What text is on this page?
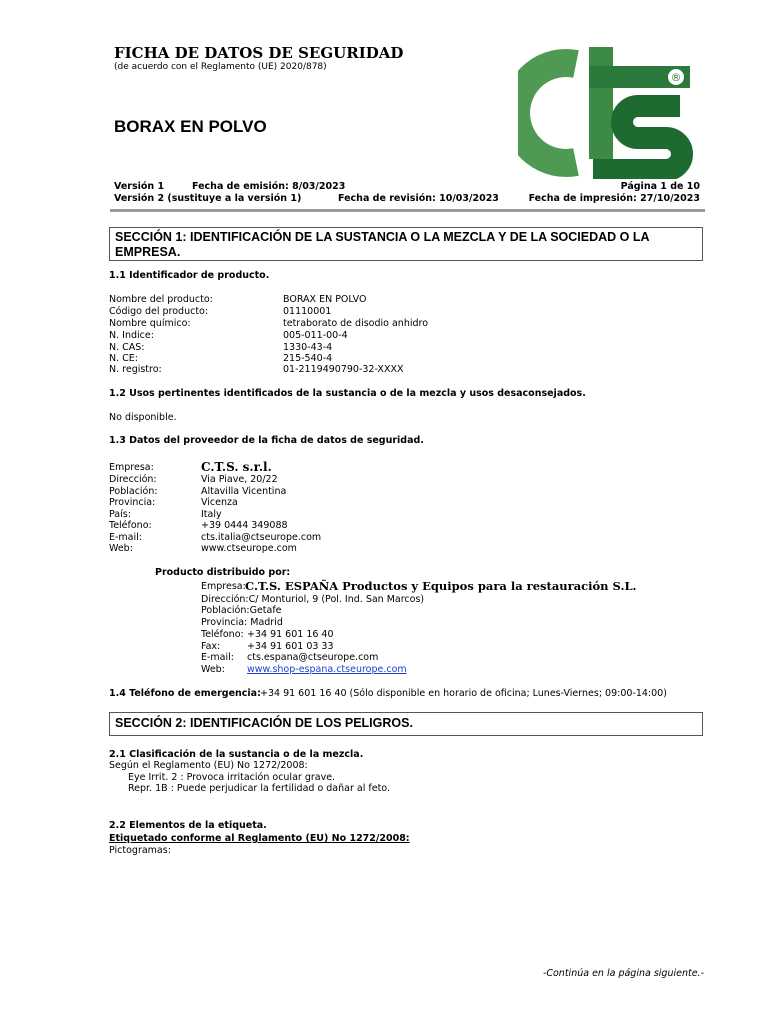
FICHA DE DATOS DE SEGURIDAD
(de acuerdo con el Reglamento (UE) 2020/878)
BORAX EN POLVO
®
Versión 1	Fecha de emisión: 8/03/2023	Página 1 de 10
Versión 2 (sustituye a la versión 1)	Fecha de revisión: 10/03/2023	Fecha de impresión: 27/10/2023
SECCIÓN 1: IDENTIFICACIÓN DE LA SUSTANCIA O LA MEZCLA Y DE LA SOCIEDAD O LA EMPRESA.
1.1 Identificador de producto.
Nombre del producto:	BORAX EN POLVO
Código del producto:	01110001
Nombre químico:	tetraborato de disodio anhidro
N. Indice:	005-011-00-4
N. CAS:	1330-43-4
N. CE:	215-540-4
N. registro:	01-2119490790-32-XXXX
1.2 Usos pertinentes identificados de la sustancia o de la mezcla y usos desaconsejados.
No disponible.
1.3 Datos del proveedor de la ficha de datos de seguridad.
Empresa:	C.T.S. s.r.l.
Dirección:	Via Piave, 20/22
Población:	Altavilla Vicentina
Provincia:	Vicenza
País:	Italy
Teléfono:	+39 0444 349088
E-mail:	cts.italia@ctseurope.com
Web:	www.ctseurope.com
Producto distribuido por:
Empresa: C.T.S. ESPAÑA Productos y Equipos para la restauración S.L.
Dirección:C/ Monturiol, 9 (Pol. Ind. San Marcos)
Población:Getafe
Provincia: Madrid
Teléfono: +34 91 601 16 40
Fax:	+34 91 601 03 33
E-mail: cts.espana@ctseurope.com
Web: www.shop-espana.ctseurope.com
1.4 Teléfono de emergencia: +34 91 601 16 40 (Sólo disponible en horario de oficina; Lunes-Viernes; 09:00-14:00)
SECCIÓN 2: IDENTIFICACIÓN DE LOS PELIGROS.
2.1 Clasificación de la sustancia o de la mezcla.
Según el Reglamento (EU) No 1272/2008:
Eye Irrit. 2 : Provoca irritación ocular grave.
Repr. 1B : Puede perjudicar la fertilidad o dañar al feto.
2.2 Elementos de la etiqueta.
Etiquetado conforme al Reglamento (EU) No 1272/2008:
Pictogramas:
-Continúa en la página siguiente.-
